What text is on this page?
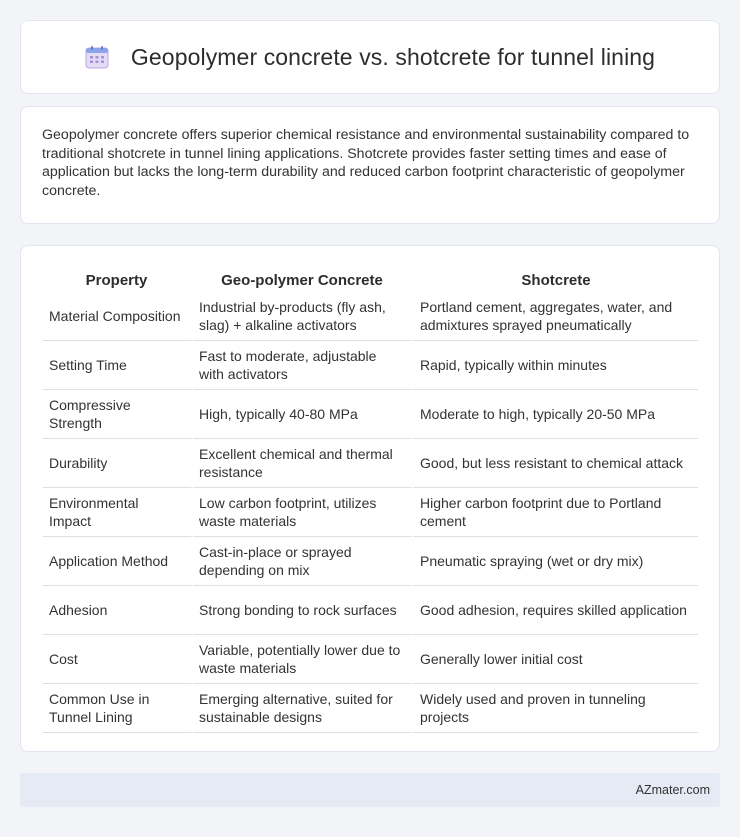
Geopolymer concrete vs. shotcrete for tunnel lining

Geopolymer concrete offers superior chemical resistance and environmental sustainability compared to traditional shotcrete in tunnel lining applications. Shotcrete provides faster setting times and ease of application but lacks the long-term durability and reduced carbon footprint characteristic of geopolymer concrete.

Property	Geo-polymer Concrete	Shotcrete
Material Composition	Industrial by-products (fly ash, slag) + alkaline activators	Portland cement, aggregates, water, and admixtures sprayed pneumatically
Setting Time	Fast to moderate, adjustable with activators	Rapid, typically within minutes
Compressive Strength	High, typically 40-80 MPa	Moderate to high, typically 20-50 MPa
Durability	Excellent chemical and thermal resistance	Good, but less resistant to chemical attack
Environmental Impact	Low carbon footprint, utilizes waste materials	Higher carbon footprint due to Portland cement
Application Method	Cast-in-place or sprayed depending on mix	Pneumatic spraying (wet or dry mix)
Adhesion	Strong bonding to rock surfaces	Good adhesion, requires skilled application
Cost	Variable, potentially lower due to waste materials	Generally lower initial cost
Common Use in Tunnel Lining	Emerging alternative, suited for sustainable designs	Widely used and proven in tunneling projects
AZmater.com
